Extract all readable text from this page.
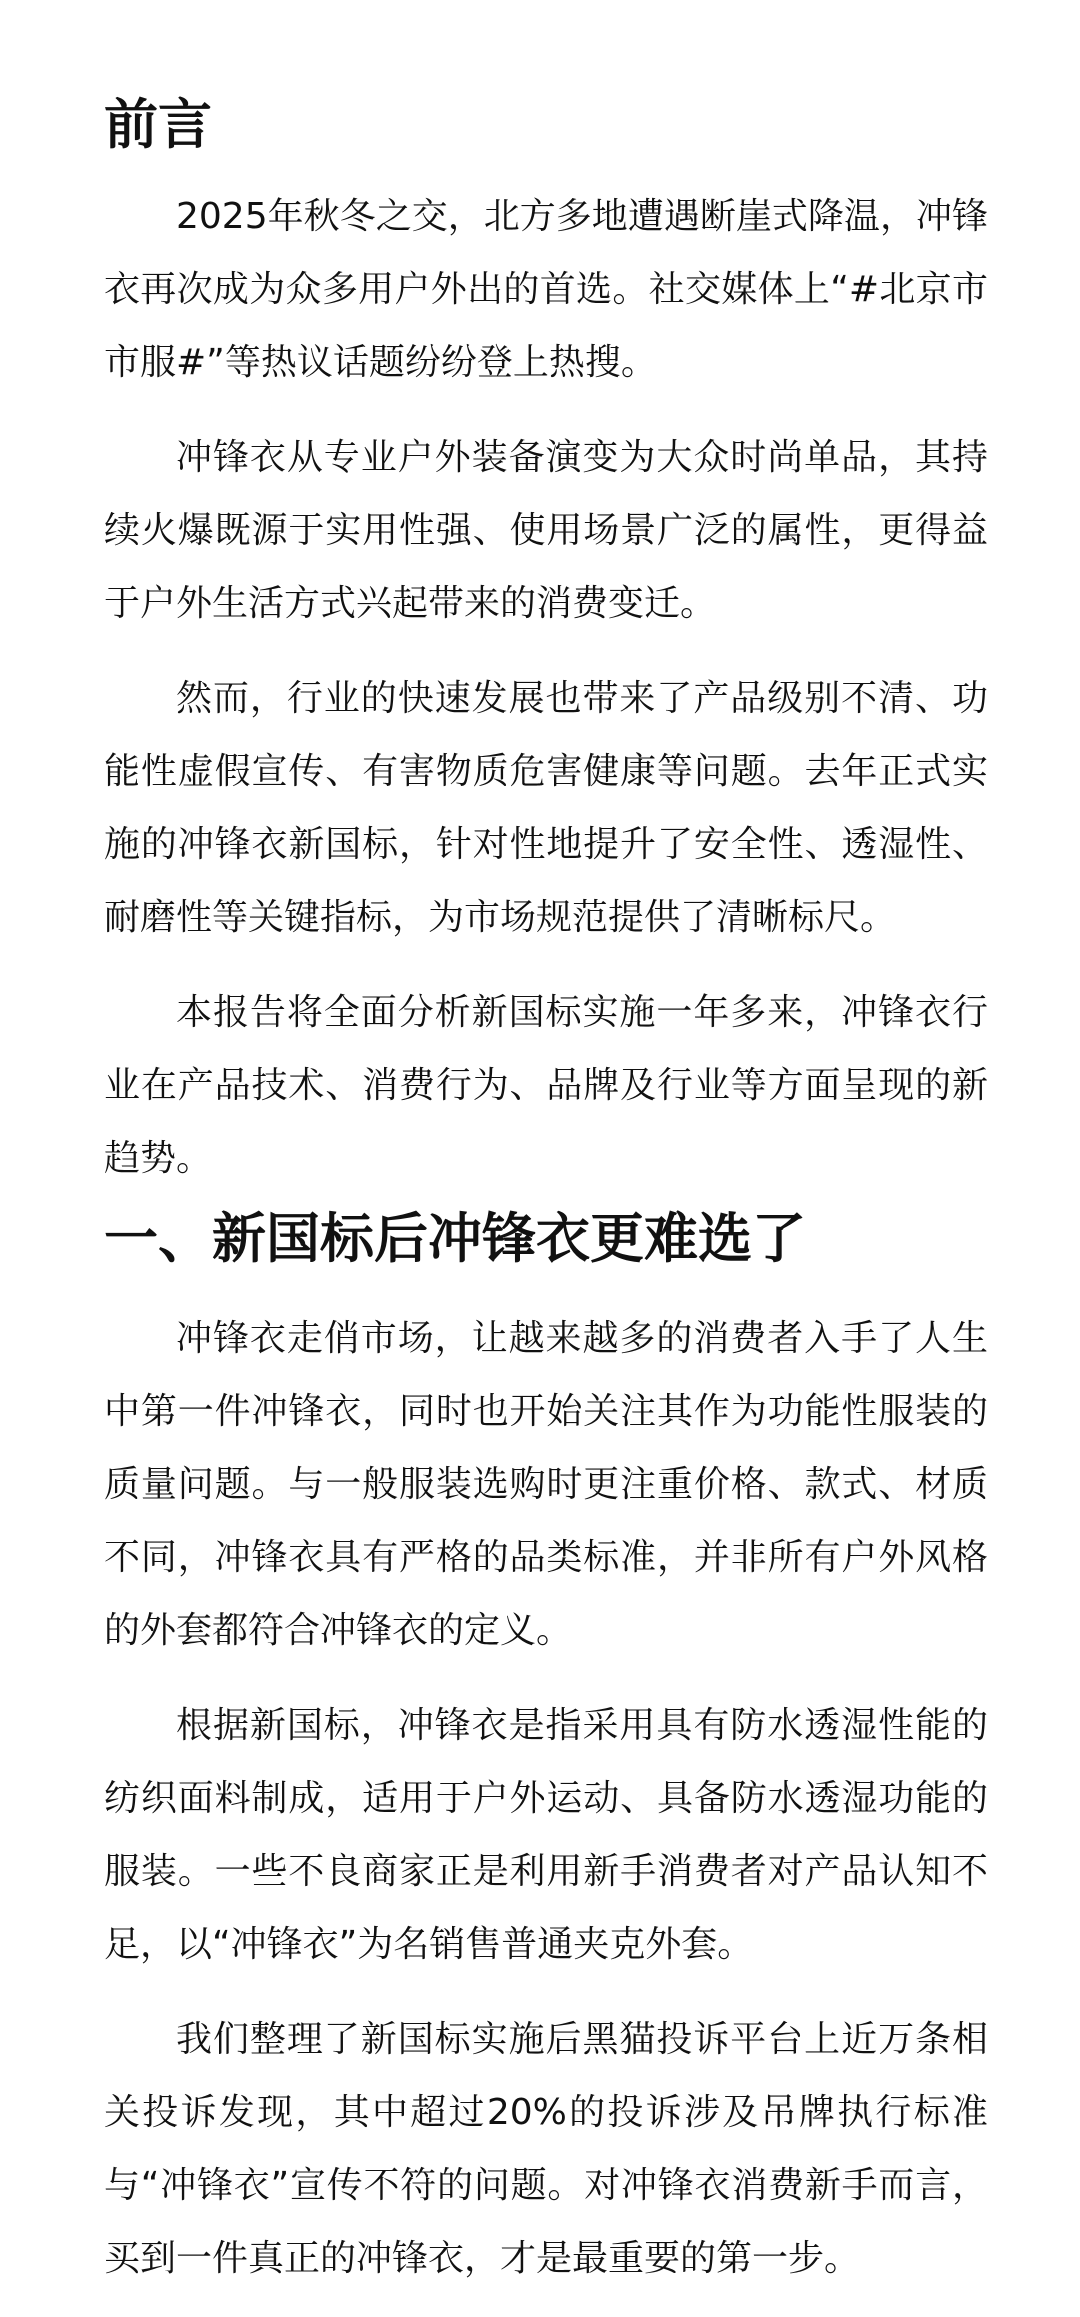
前言

2025年秋冬之交，北方多地遭遇断崖式降温，冲锋衣再次成为众多用户外出的首选。社交媒体上“#北京市市服#”等热议话题纷纷登上热搜。

冲锋衣从专业户外装备演变为大众时尚单品，其持续火爆既源于实用性强、使用场景广泛的属性，更得益于户外生活方式兴起带来的消费变迁。

然而，行业的快速发展也带来了产品级别不清、功能性虚假宣传、有害物质危害健康等问题。去年正式实施的冲锋衣新国标，针对性地提升了安全性、透湿性、耐磨性等关键指标，为市场规范提供了清晰标尺。

本报告将全面分析新国标实施一年多来，冲锋衣行业在产品技术、消费行为、品牌及行业等方面呈现的新趋势。

一、新国标后冲锋衣更难选了

冲锋衣走俏市场，让越来越多的消费者入手了人生中第一件冲锋衣，同时也开始关注其作为功能性服装的质量问题。与一般服装选购时更注重价格、款式、材质不同，冲锋衣具有严格的品类标准，并非所有户外风格的外套都符合冲锋衣的定义。

根据新国标，冲锋衣是指采用具有防水透湿性能的纺织面料制成，适用于户外运动、具备防水透湿功能的服装。一些不良商家正是利用新手消费者对产品认知不足，以“冲锋衣”为名销售普通夹克外套。

我们整理了新国标实施后黑猫投诉平台上近万条相关投诉发现，其中超过20%的投诉涉及吊牌执行标准与“冲锋衣”宣传不符的问题。对冲锋衣消费新手而言，买到一件真正的冲锋衣，才是最重要的第一步。
